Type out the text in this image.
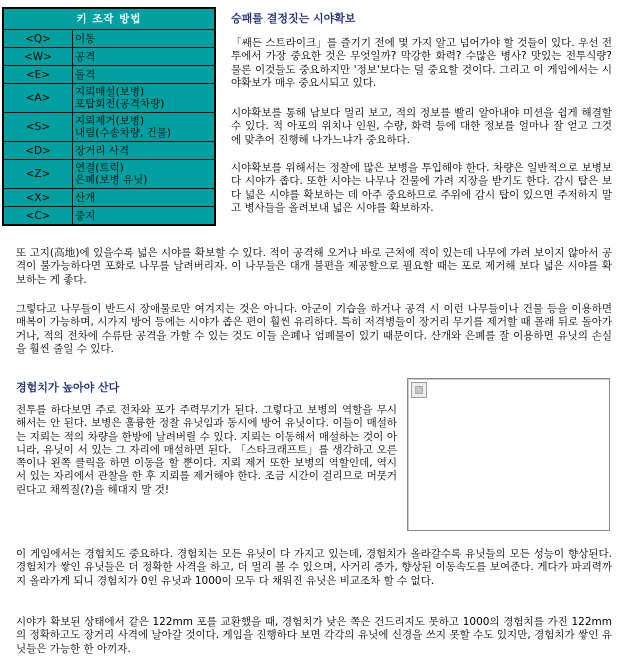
키 조작 방법	
<Q>	이동
<W>	공격
<E>	돌격
<A>	지뢰매설(보병)
포탑회전(공격차량)
<S>	지뢰제거(보병)
내림(수송차량, 건물)
<D>	장거리 사격
<Z>	연결(트럭)
은폐(보병 유닛)
<X>	산개
<C>	중지
승패를 결정짓는 시야확보
「쌔든 스트라이크」를 즐기기 전에 몇 가지 알고 넘어가야 할 것들이 있다. 우선 전투에서 가장 중요한 것은 무엇일까? 막강한 화력? 수많은 병사? 맛있는 전투식량? 물론 이것들도 중요하지만 '정보'보다는 덜 중요할 것이다. 그리고 이 게임에서는 시야확보가 매우 중요시되고 있다.
시야확보를 통해 남보다 멀리 보고, 적의 정보를 빨리 알아내야 미션을 쉽게 해결할 수 있다. 적 아포의 위치나 인원, 수량, 화력 등에 대한 정보를 얼마나 잘 얻고 그것에 맞추어 진행해 나가느냐가 중요하다.
시야확보를 위해서는 정찰에 많은 보병을 투입해야 한다. 차량은 일반적으로 보병보다 시야가 좁다. 또한 시야는 나무나 건물에 가려 지장을 받기도 한다. 감시 탑은 보다 넓은 시야를 확보하는 데 아주 중요하므로 주위에 감시 탑이 있으면 주저하지 말고 병사들을 올려보내 넓은 시야를 확보하자.
또 고지(高地)에 있을수록 넓은 시야를 확보할 수 있다. 적이 공격해 오거나 바로 근처에 적이 있는데 나무에 가려 보이지 않아서 공격이 불가능하다면 포화로 나무를 날려버리자. 이 나무들은 대개 불편을 제공할으로 필요할 때는 포로 제거해 보다 넓은 시야를 확보하는 게 좋다.
그렇다고 나무들이 반드시 장애물로만 여겨지는 것은 아니다. 아군이 기습을 하거나 공격 시 이런 나무들이나 건물 등을 이용하면 매복이 가능하며, 시가지 방어 등에는 시야가 좁은 편이 훨씬 유리하다. 특히 저격병들이 장거리 무기를 제거할 때 몰래 뒤로 돌아가거나, 적의 전차에 수류탄 공격을 가할 수 있는 것도 이들 은폐나 엄폐물이 있기 때문이다. 산개와 은폐를 잘 이용하면 유닛의 손실을 훨씬 줄일 수 있다.
경험치가 높아야 산다
전투를 하다보면 주로 전차와 포가 주력무기가 된다. 그렇다고 보병의 역할을 무시해서는 안 된다. 보병은 훌륭한 정찰 유닛임과 동시에 방어 유닛이다. 이들이 매설하는 지뢰는 적의 차량을 한방에 날려버릴 수 있다. 지뢰는 이동해서 매설하는 것이 아니라, 유닛이 서 있는 그 자리에 매설하면 된다. 「스타크래프트」를 생각하고 오른쪽이나 왼쪽 클릭을 하면 이동을 할 뿐이다. 지뢰 제거 또한 보병의 역할인데, 역시 서 있는 자리에서 관찰을 한 후 지뢰를 제거해야 한다. 조금 시간이 걸리므로 머뭇거린다고 채찍질(?)을 해대지 말 것!
이 게임에서는 경험치도 중요하다. 경험치는 모든 유닛이 다 가지고 있는데, 경험치가 올라갈수록 유닛들의 모든 성능이 향상된다. 경험치가 쌓인 유닛들은 더 정확한 사격을 하고, 더 멀리 볼 수 있으며, 사거리 증가, 향상된 이동속도를 보여준다. 게다가 파괴력까지 올라가게 되니 경험치가 0인 유닛과 1000이 모두 다 채워진 유닛은 비교조차 할 수 없다.
시야가 확보된 상태에서 같은 122mm 포를 교환했을 때, 경험치가 낮은 쪽은 건드리지도 못하고 1000의 경험치를 가진 122mm의 정확하고도 장거리 사격에 날아갈 것이다. 게임을 진행하다 보면 각각의 유닛에 신경을 쓰지 못할 수도 있지만, 경험치가 쌓인 유닛들은 가능한 한 아끼자.
